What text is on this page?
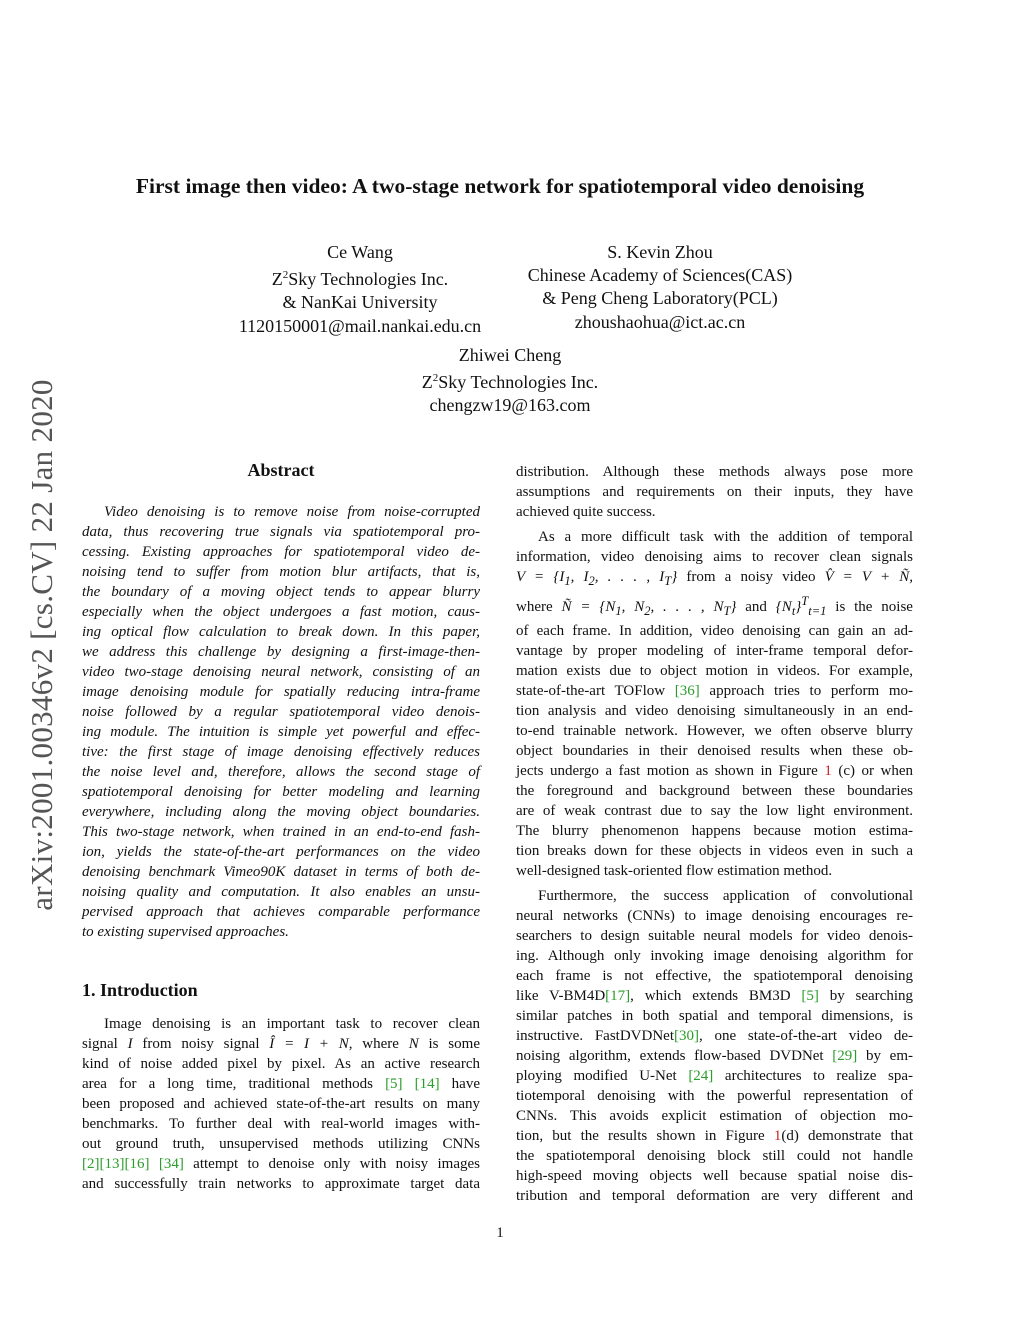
arXiv:2001.00346v2 [cs.CV] 22 Jan 2020
First image then video: A two-stage network for spatiotemporal video denoising
Ce Wang
$Z^2Sky$ Technologies Inc.
& NanKai University
1120150001@mail.nankai.edu.cn
S. Kevin Zhou
Chinese Academy of Sciences(CAS)
& Peng Cheng Laboratory(PCL)
zhoushaohua@ict.ac.cn
Zhiwei Cheng
$Z^2Sky$ Technologies Inc.
chengzw19@163.com
Abstract
Video denoising is to remove noise from noise-corrupted
data, thus recovering true signals via spatiotemporal pro-
cessing. Existing approaches for spatiotemporal video de-
noising tend to suffer from motion blur artifacts, that is,
the boundary of a moving object tends to appear blurry
especially when the object undergoes a fast motion, caus-
ing optical flow calculation to break down. In this paper,
we address this challenge by designing a first-image-then-
video two-stage denoising neural network, consisting of an
image denoising module for spatially reducing intra-frame
noise followed by a regular spatiotemporal video denois-
ing module. The intuition is simple yet powerful and effec-
tive: the first stage of image denoising effectively reduces
the noise level and, therefore, allows the second stage of
spatiotemporal denoising for better modeling and learning
everywhere, including along the moving object boundaries.
This two-stage network, when trained in an end-to-end fash-
ion, yields the state-of-the-art performances on the video
denoising benchmark Vimeo90K dataset in terms of both de-
noising quality and computation. It also enables an unsu-
pervised approach that achieves comparable performance
to existing supervised approaches.
1. Introduction
Image denoising is an important task to recover clean
signal I from noisy signal Î = I + N, where N is some
kind of noise added pixel by pixel. As an active research
area for a long time, traditional methods [5] [14] have
been proposed and achieved state-of-the-art results on many
benchmarks. To further deal with real-world images with-
out ground truth, unsupervised methods utilizing CNNs
[2][13][16] [34] attempt to denoise only with noisy images
and successfully train networks to approximate target data
distribution. Although these methods always pose more
assumptions and requirements on their inputs, they have
achieved quite success.
As a more difficult task with the addition of temporal
information, video denoising aims to recover clean signals
$V = \{I_1$, $I_2$, . . . , $I_T$} from a noisy video V̂ = V + Ñ,
where Ñ = {$N_1$, $N_2$, . . . , $N_T$} and $\{N_t\}^T_{t=1}$ is the noise
of each frame. In addition, video denoising can gain an ad-
vantage by proper modeling of inter-frame temporal defor-
mation exists due to object motion in videos. For example,
state-of-the-art TOFlow [36] approach tries to perform mo-
tion analysis and video denoising simultaneously in an end-
to-end trainable network. However, we often observe blurry
object boundaries in their denoised results when these ob-
jects undergo a fast motion as shown in Figure 1 (c) or when
the foreground and background between these boundaries
are of weak contrast due to say the low light environment.
The blurry phenomenon happens because motion estima-
tion breaks down for these objects in videos even in such a
well-designed task-oriented flow estimation method.
Furthermore, the success application of convolutional
neural networks (CNNs) to image denoising encourages re-
searchers to design suitable neural models for video denois-
ing. Although only invoking image denoising algorithm for
each frame is not effective, the spatiotemporal denoising
like V-BM4D[17], which extends BM3D [5] by searching
similar patches in both spatial and temporal dimensions, is
instructive. FastDVDNet[30], one state-of-the-art video de-
noising algorithm, extends flow-based DVDNet [29] by em-
ploying modified U-Net [24] architectures to realize spa-
tiotemporal denoising with the powerful representation of
CNNs. This avoids explicit estimation of objection mo-
tion, but the results shown in Figure 1(d) demonstrate that
the spatiotemporal denoising block still could not handle
high-speed moving objects well because spatial noise dis-
tribution and temporal deformation are very different and
1
